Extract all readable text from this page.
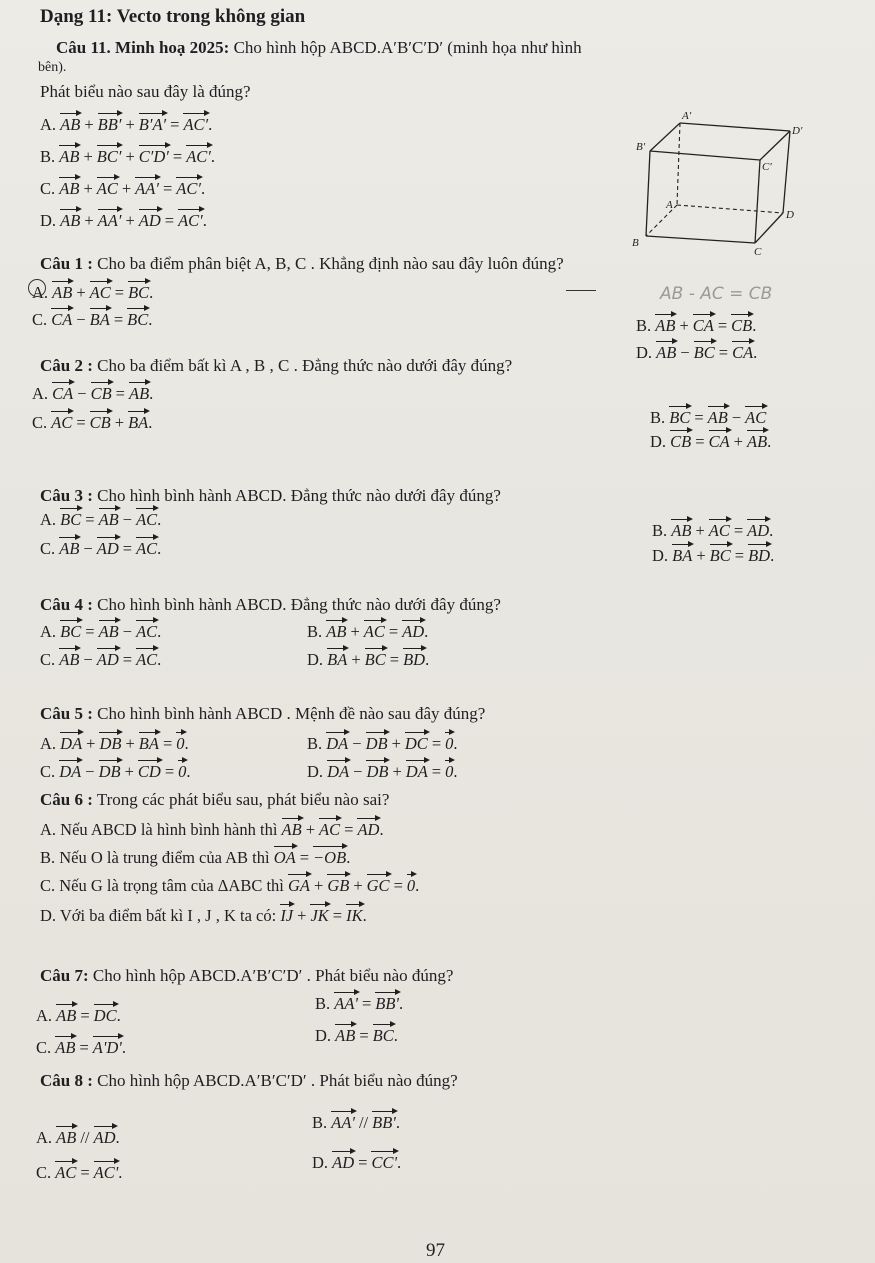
Dạng 11: Vecto trong không gian
Câu 11. Minh hoạ 2025: Cho hình hộp ABCD.A′B′C′D′ (minh họa như hình
bên).
Phát biểu nào sau đây là đúng?
A. AB + BB′ + B′A′ = AC′.
B. AB + BC′ + C′D′ = AC′.
C. AB + AC + AA′ = AC′.
D. AB + AA′ + AD = AC′.
A′
D′
B′
C′
A
D
B
C
Câu 1 : Cho ba điểm phân biệt A, B, C . Khẳng định nào sau đây luôn đúng?
A. AB + AC = BC.
C. CA − BA = BC.
AB - AC = CB
B. AB + CA = CB.
D. AB − BC = CA.
Câu 2 : Cho ba điểm bất kì A , B , C . Đẳng thức nào dưới đây đúng?
A. CA − CB = AB.
C. AC = CB + BA.	B. BC = AB − AC
D. CB = CA + AB.
Câu 3 : Cho hình bình hành ABCD. Đẳng thức nào dưới đây đúng?
A. BC = AB − AC.
C. AB − AD = AC.
B. AB + AC = AD.
D. BA + BC = BD.
Câu 4 : Cho hình bình hành ABCD. Đẳng thức nào dưới đây đúng?
A. BC = AB − AC.	B. AB + AC = AD.
C. AB − AD = AC.	D. BA + BC = BD.
Câu 5 : Cho hình bình hành ABCD . Mệnh đề nào sau đây đúng?
A. DA + DB + BA = 0.	B. DA − DB + DC = 0.
C. DA − DB + CD = 0.	D. DA − DB + DA = 0.
Câu 6 : Trong các phát biểu sau, phát biểu nào sai?
A. Nếu ABCD là hình bình hành thì AB + AC = AD.
B. Nếu O là trung điểm của AB thì OA = −OB.
C. Nếu G là trọng tâm của ΔABC thì GA + GB + GC = 0.
D. Với ba điểm bất kì I , J , K ta có: IJ + JK = IK.
Câu 7: Cho hình hộp ABCD.A′B′C′D′ . Phát biểu nào đúng?
A. AB = DC.
B. AA' = BB'.
C. AB = A'D'.
D. AB = BC.
Câu 8 : Cho hình hộp ABCD.A′B′C′D′ . Phát biểu nào đúng?
A. AB // AD.
B. AA' // BB'.
C. AC = AC'.
D. AD = CC'.
97
